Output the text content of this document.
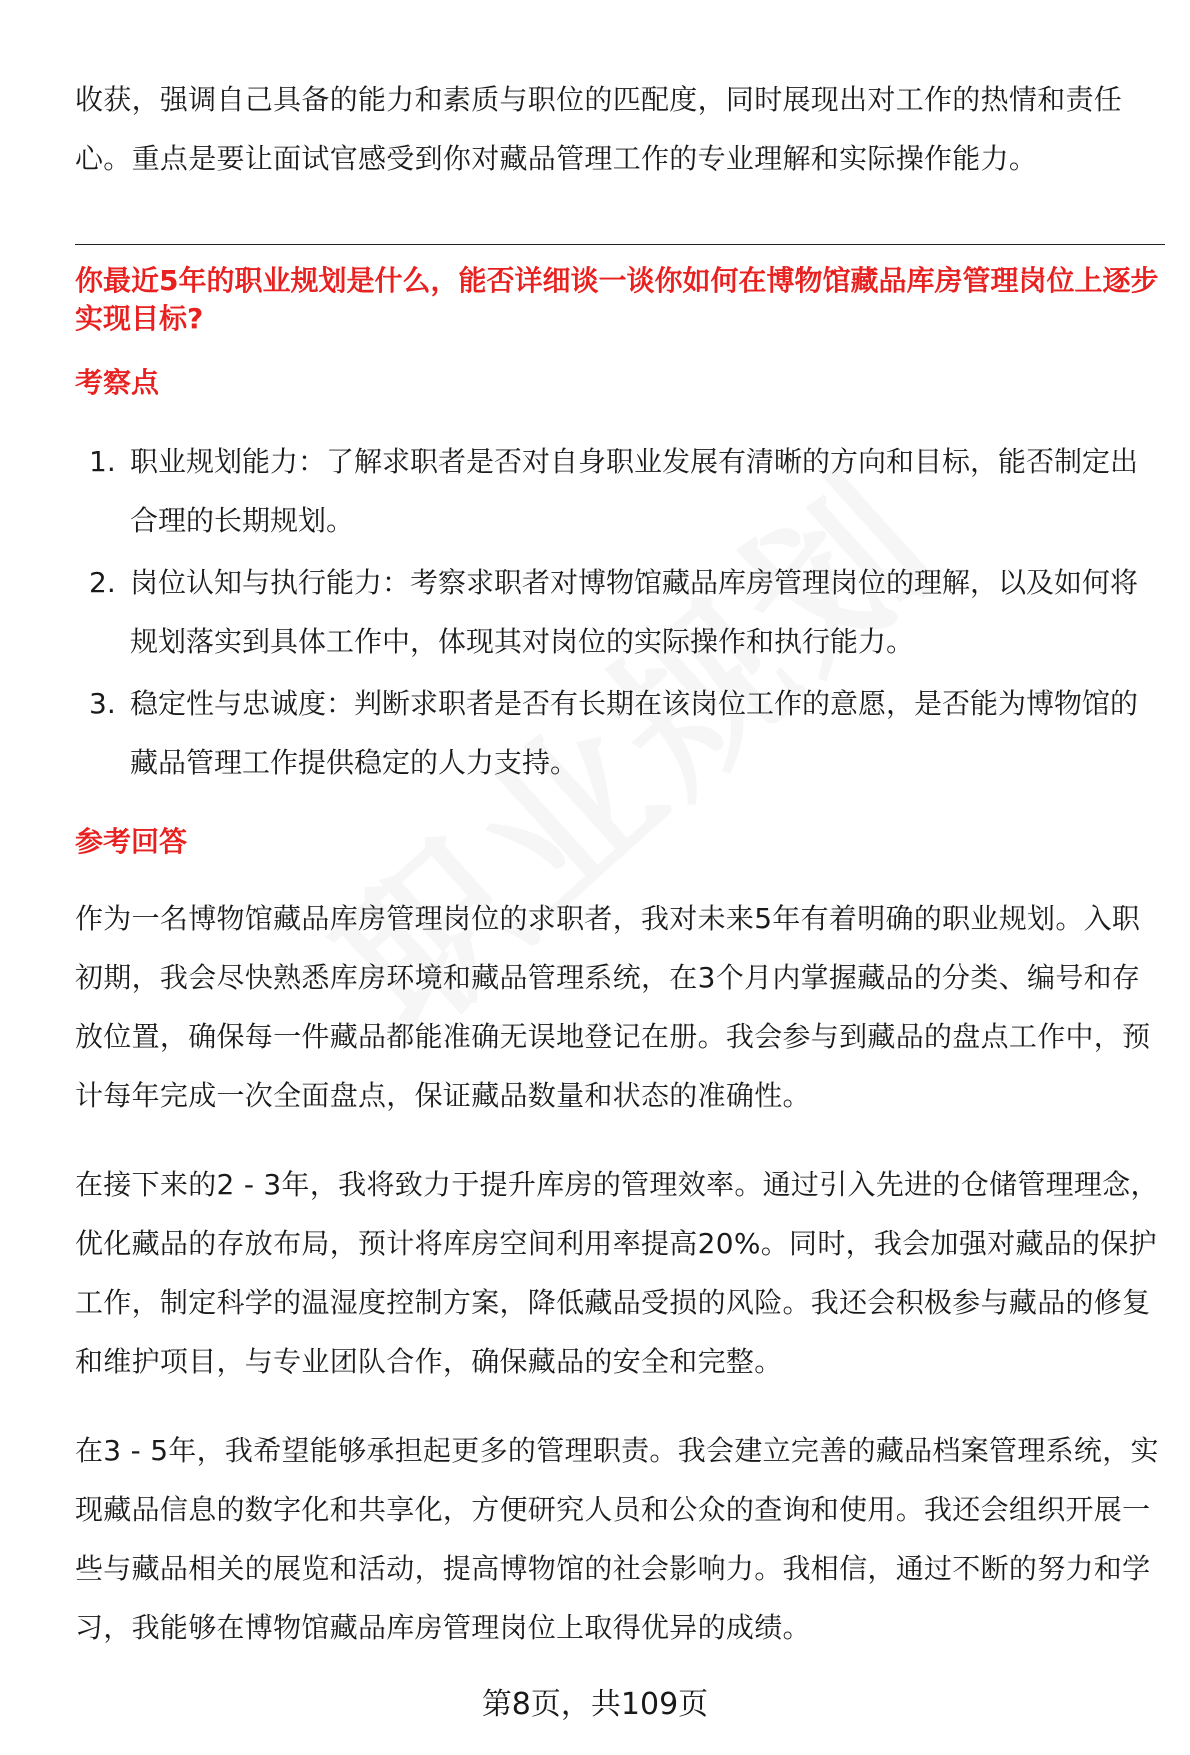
收获，强调自己具备的能力和素质与职位的匹配度，同时展现出对工作的热情和责任心。重点是要让面试官感受到你对藏品管理工作的专业理解和实际操作能力。

你最近5年的职业规划是什么，能否详细谈一谈你如何在博物馆藏品库房管理岗位上逐步实现目标?
考察点
1. 职业规划能力：了解求职者是否对自身职业发展有清晰的方向和目标，能否制定出合理的长期规划。
2. 岗位认知与执行能力：考察求职者对博物馆藏品库房管理岗位的理解，以及如何将规划落实到具体工作中，体现其对岗位的实际操作和执行能力。
3. 稳定性与忠诚度：判断求职者是否有长期在该岗位工作的意愿，是否能为博物馆的藏品管理工作提供稳定的人力支持。
参考回答

作为一名博物馆藏品库房管理岗位的求职者，我对未来5年有着明确的职业规划。入职初期，我会尽快熟悉库房环境和藏品管理系统，在3个月内掌握藏品的分类、编号和存放位置，确保每一件藏品都能准确无误地登记在册。我会参与到藏品的盘点工作中，预计每年完成一次全面盘点，保证藏品数量和状态的准确性。

在接下来的2 - 3年，我将致力于提升库房的管理效率。通过引入先进的仓储管理理念，优化藏品的存放布局，预计将库房空间利用率提高20%。同时，我会加强对藏品的保护工作，制定科学的温湿度控制方案，降低藏品受损的风险。我还会积极参与藏品的修复和维护项目，与专业团队合作，确保藏品的安全和完整。

在3 - 5年，我希望能够承担起更多的管理职责。我会建立完善的藏品档案管理系统，实现藏品信息的数字化和共享化，方便研究人员和公众的查询和使用。我还会组织开展一些与藏品相关的展览和活动，提高博物馆的社会影响力。我相信，通过不断的努力和学习，我能够在博物馆藏品库房管理岗位上取得优异的成绩。

第8页，共109页
